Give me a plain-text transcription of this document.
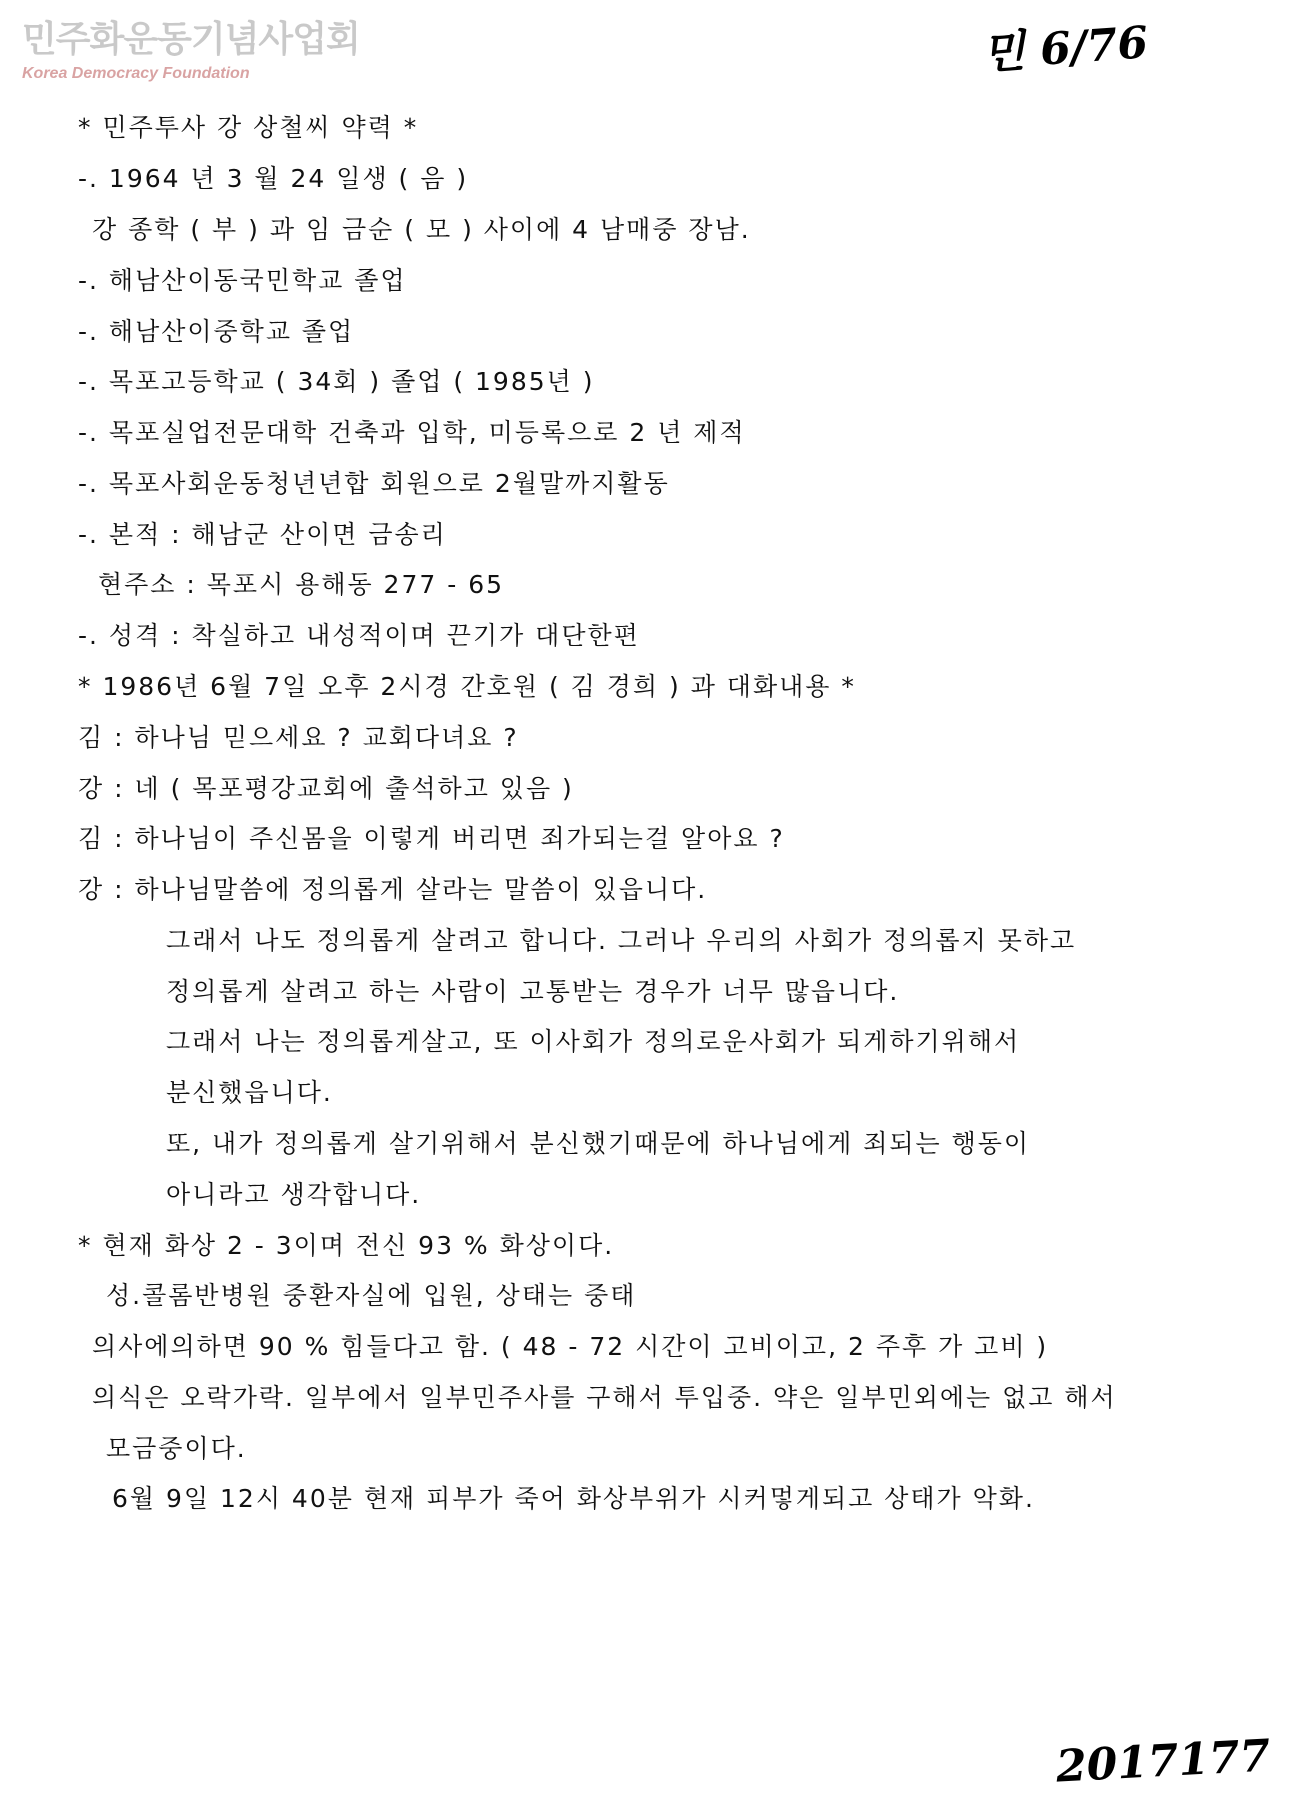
민주화운동기념사업회
Korea Democracy Foundation	민 6/76
* 민주투사 강 상철씨 약력 *
-. 1964 년 3 월 24 일생 ( 음 )
강 종학 ( 부 ) 과 임 금순 ( 모 ) 사이에 4 남매중 장남.
-. 해남산이동국민학교 졸업
-. 해남산이중학교 졸업
-. 목포고등학교 ( 34회 ) 졸업 ( 1985년 )
-. 목포실업전문대학 건축과 입학, 미등록으로 2 년 제적
-. 목포사회운동청년년합 회원으로 2월말까지활동
-. 본적 : 해남군 산이면 금송리
현주소 : 목포시 용해동 277 - 65
-. 성격 : 착실하고 내성적이며 끈기가 대단한편
* 1986년 6월 7일 오후 2시경 간호원 ( 김 경희 ) 과 대화내용 *
김 : 하나님 믿으세요 ? 교회다녀요 ?
강 : 네 ( 목포평강교회에 출석하고 있음 )
김 : 하나님이 주신몸을 이렇게 버리면 죄가되는걸 알아요 ?
강 : 하나님말씀에 정의롭게 살라는 말씀이 있읍니다.
그래서 나도 정의롭게 살려고 합니다. 그러나 우리의 사회가 정의롭지 못하고
정의롭게 살려고 하는 사람이 고통받는 경우가 너무 많읍니다.
그래서 나는 정의롭게살고, 또 이사회가 정의로운사회가 되게하기위해서
분신했읍니다.
또, 내가 정의롭게 살기위해서 분신했기때문에 하나님에게 죄되는 행동이
아니라고 생각합니다.
* 현재 화상 2 - 3이며 전신 93 % 화상이다.
성.콜롬반병원 중환자실에 입원, 상태는 중태
의사에의하면 90 % 힘들다고 함. ( 48 - 72 시간이 고비이고, 2 주후 가 고비 )
의식은 오락가락. 일부에서 일부민주사를 구해서 투입중. 약은 일부민외에는 없고 해서
모금중이다.
6월 9일 12시 40분 현재 피부가 죽어 화상부위가 시커멓게되고 상태가 악화.
2017177
